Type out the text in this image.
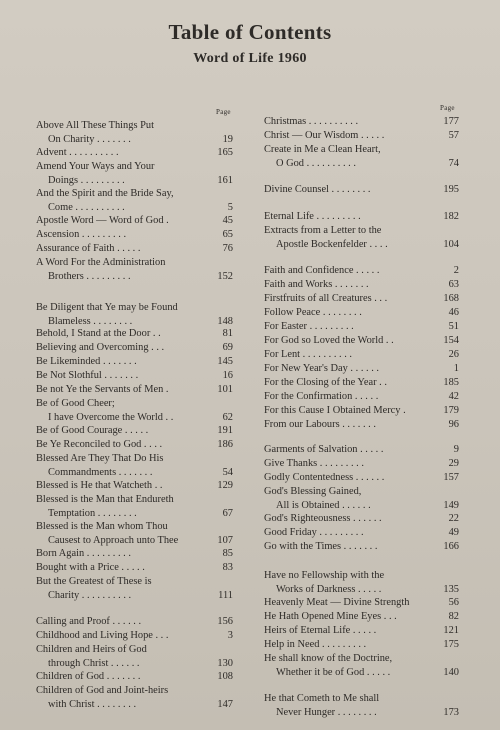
Table of Contents
Word of Life 1960
Page	Page
Above All These Things Put
On Charity . . . . . . .	19
Advent . . . . . . . . . .	165
Amend Your Ways and Your
Doings . . . . . . . . .	161
And the Spirit and the Bride Say,
Come . . . . . . . . . .	5
Apostle Word — Word of God .	45
Ascension . . . . . . . . .	65
Assurance of Faith . . . . .	76
A Word For the Administration
Brothers . . . . . . . . .	152
Be Diligent that Ye may be Found
Blameless . . . . . . . .	148
Behold, I Stand at the Door . .	81
Believing and Overcoming . . .	69
Be Likeminded . . . . . . .	145
Be Not Slothful . . . . . . .	16
Be not Ye the Servants of Men .	101
Be of Good Cheer;
I have Overcome the World . .	62
Be of Good Courage . . . . .	191
Be Ye Reconciled to God . . . .	186
Blessed Are They That Do His
Commandments . . . . . . .	54
Blessed is He that Watcheth . .	129
Blessed is the Man that Endureth
Temptation . . . . . . . .	67
Blessed is the Man whom Thou
Causest to Approach unto Thee	107
Born Again . . . . . . . . .	85
Bought with a Price . . . . .	83
But the Greatest of These is
Charity . . . . . . . . . .	111
Calling and Proof . . . . . .	156
Childhood and Living Hope . . .	3
Children and Heirs of God
through Christ . . . . . .	130
Children of God . . . . . . .	108
Children of God and Joint-heirs
with Christ . . . . . . . .	147
Christmas . . . . . . . . . .	177
Christ — Our Wisdom . . . . .	57
Create in Me a Clean Heart,
O God . . . . . . . . . .	74
Divine Counsel . . . . . . . .	195
Eternal Life . . . . . . . . .	182
Extracts from a Letter to the
Apostle Bockenfelder . . . .	104
Faith and Confidence . . . . .	2
Faith and Works . . . . . . .	63
Firstfruits of all Creatures . . .	168
Follow Peace . . . . . . . .	46
For Easter . . . . . . . . .	51
For God so Loved the World . .	154
For Lent . . . . . . . . . .	26
For New Year's Day . . . . . .	1
For the Closing of the Year . .	185
For the Confirmation . . . . .	42
For this Cause I Obtained Mercy .	179
From our Labours . . . . . . .	96
Garments of Salvation . . . . .	9
Give Thanks . . . . . . . . .	29
Godly Contentedness . . . . . .	157
God's Blessing Gained,
All is Obtained . . . . . .	149
God's Righteousness . . . . . .	22
Good Friday . . . . . . . . .	49
Go with the Times . . . . . . .	166
Have no Fellowship with the
Works of Darkness . . . . .	135
Heavenly Meat — Divine Strength	56
He Hath Opened Mine Eyes . . .	82
Heirs of Eternal Life . . . . .	121
Help in Need . . . . . . . . .	175
He shall know of the Doctrine,
Whether it be of God . . . . .	140
He that Cometh to Me shall
Never Hunger . . . . . . . .	173
